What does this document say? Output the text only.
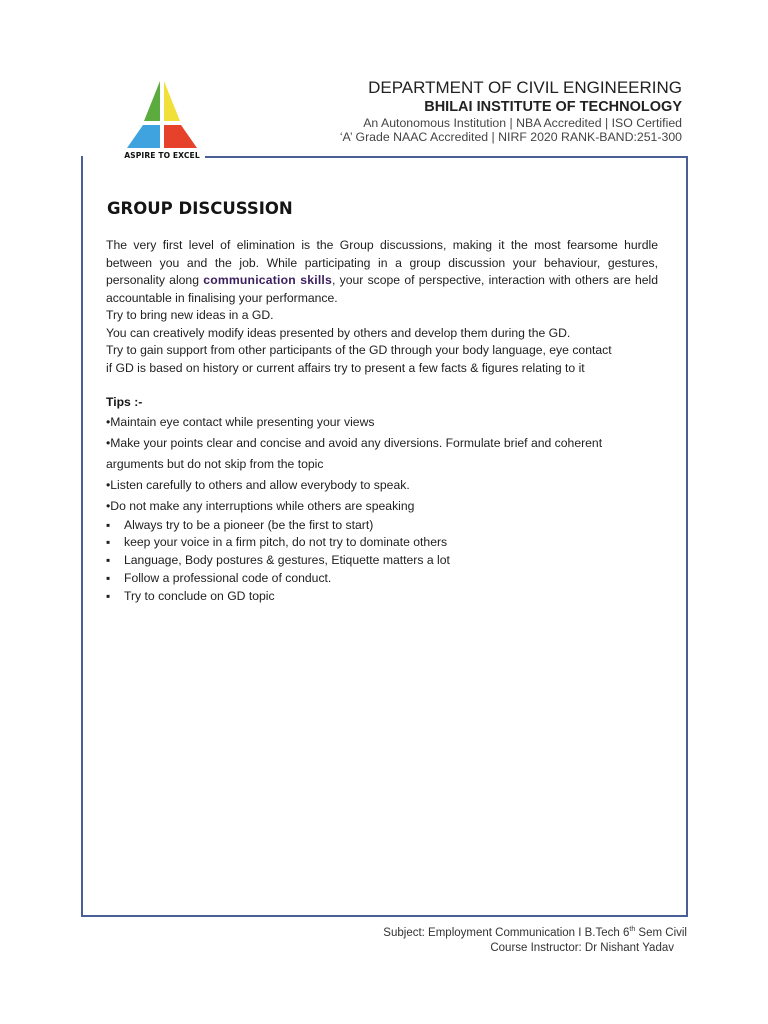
ASPIRE TO EXCEL
DEPARTMENT OF CIVIL ENGINEERING
BHILAI INSTITUTE OF TECHNOLOGY
An Autonomous Institution | NBA Accredited | ISO Certified
‘A’ Grade NAAC Accredited | NIRF 2020 RANK-BAND:251-300
GROUP DISCUSSION

The very first level of elimination is the Group discussions, making it the most fearsome hurdle between you and the job. While participating in a group discussion your behaviour, gestures, personality along communication skills, your scope of perspective, interaction with others are held accountable in finalising your performance.

Try to bring new ideas in a GD.

You can creatively modify ideas presented by others and develop them during the GD.

Try to gain support from other participants of the GD through your body language, eye contact

if GD is based on history or current affairs try to present a few facts & figures relating to it

Tips :-

•Maintain eye contact while presenting your views

•Make your points clear and concise and avoid any diversions. Formulate brief and coherent arguments but do not skip from the topic

•Listen carefully to others and allow everybody to speak.

•Do not make any interruptions while others are speaking

▪ Always try to be a pioneer (be the first to start)
▪ keep your voice in a firm pitch, do not try to dominate others
▪ Language, Body postures & gestures, Etiquette matters a lot
▪ Follow a professional code of conduct.
▪ Try to conclude on GD topic
Subject: Employment Communication I B.Tech 6th Sem Civil
Course Instructor: Dr Nishant Yadav
